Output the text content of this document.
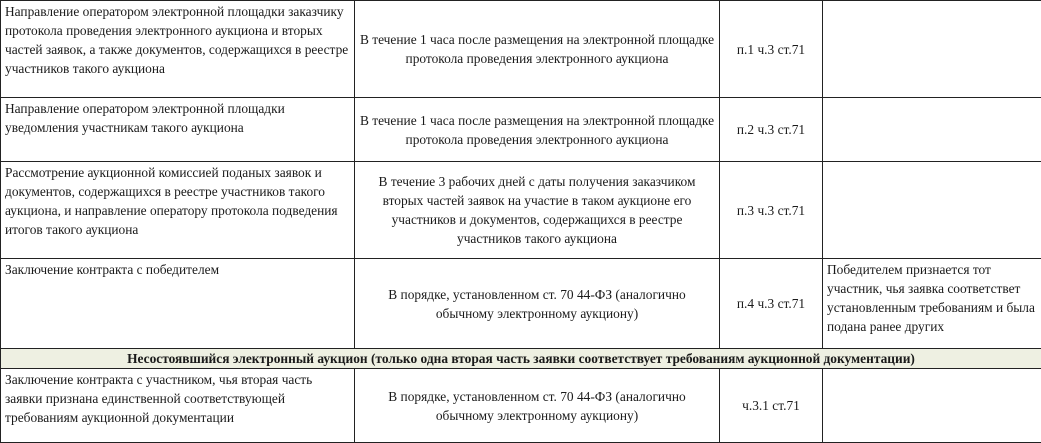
Направление оператором электронной площадки заказчику протокола проведения электронного аукциона и вторых частей заявок, а также документов, содержащихся в реестре участников такого аукциона	В течение 1 часа после размещения на электронной площадке протокола проведения электронного аукциона	п.1 ч.3 ст.71	
Направление оператором электронной площадки уведомления участникам такого аукциона	В течение 1 часа после размещения на электронной площадке протокола проведения электронного аукциона	п.2 ч.3 ст.71	
Рассмотрение аукционной комиссией поданых заявок и документов, содержащихся в реестре участников такого аукциона, и направление оператору протокола подведения итогов такого аукциона	В течение 3 рабочих дней с даты получения заказчиком вторых частей заявок на участие в таком аукционе его участников и документов, содержащихся в реестре участников такого аукциона	п.3 ч.3 ст.71	
Заключение контракта с победителем	В порядке, установленном ст. 70 44-ФЗ (аналогично обычному электронному аукциону)	п.4 ч.3 ст.71	Победителем признается тот участник, чья заявка соответствет установленным требованиям и была подана ранее других
Несостоявшийся электронный аукцион (только одна вторая часть заявки соответствует требованиям аукционной документации)			
Заключение контракта с участником, чья вторая часть заявки признана единственной соответствующей требованиям аукционной документации	В порядке, установленном ст. 70 44-ФЗ (аналогично обычному электронному аукциону)	ч.3.1 ст.71	
